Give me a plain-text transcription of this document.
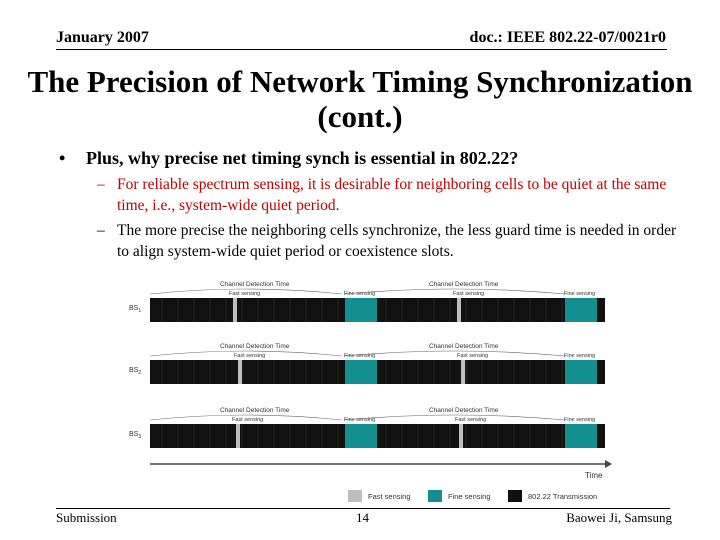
January 2007	doc.: IEEE 802.22-07/0021r0
The Precision of Network Timing Synchronization
(cont.)
• Plus, why precise net timing synch is essential in 802.22?
– For reliable spectrum sensing, it is desirable for neighboring cells to be quiet at the same time, i.e., system-wide quiet period.
– The more precise the neighboring cells synchronize, the less guard time is needed in order to align system-wide quiet period or coexistence slots.
Time
$BS_1$
Channel Detection Time
Fast sensing	Fine sensing
Channel Detection Time
Fast sensing	Fine sensing
$BS_2$
Channel Detection Time
Fast sensing	Fine sensing
Channel Detection Time
Fast sensing	Fine sensing
$BS_3$
Channel Detection Time
Fast sensing	Fine sensing
Channel Detection Time
Fast sensing	Fine sensing
Fast sensing	Fine sensing	802.22 Transmission
Submission	14	Baowei Ji, Samsung
